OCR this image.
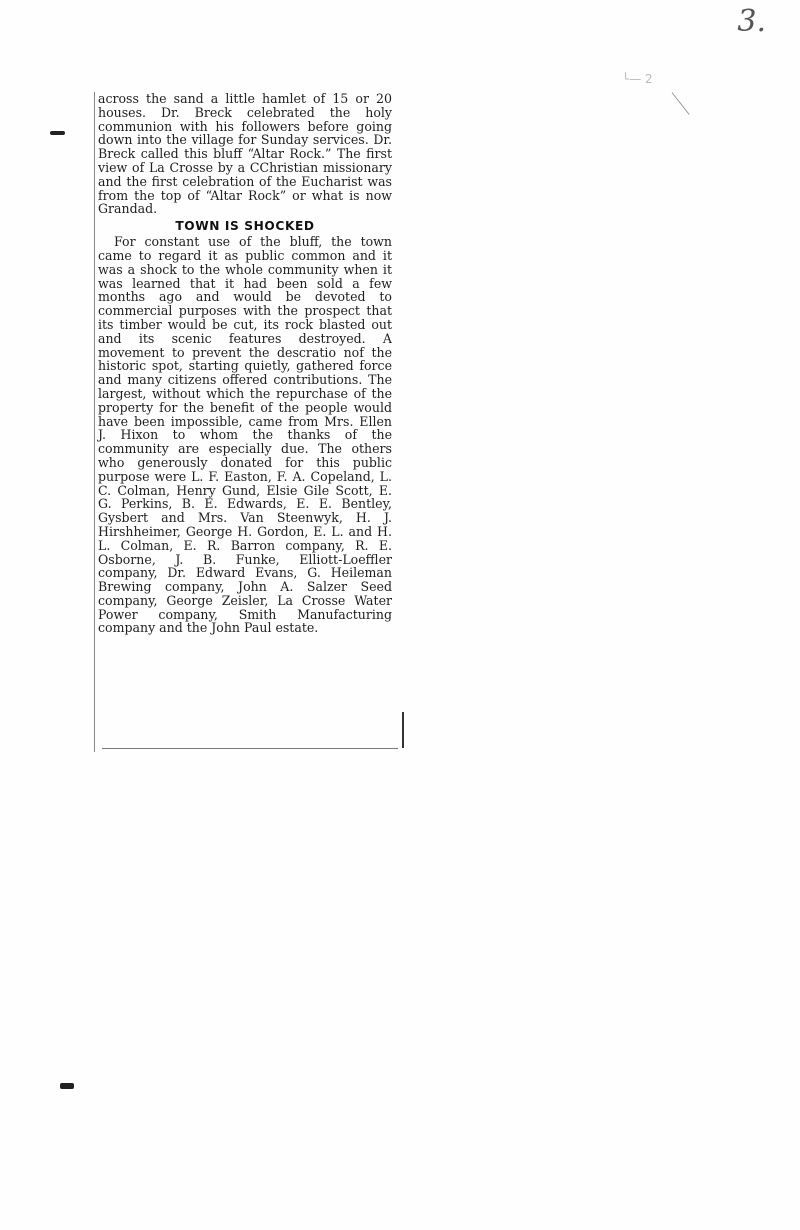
3.
└— 2

across the sand a little hamlet of 15 or 20 houses. Dr. Breck celebrated the holy communion with his followers before going down into the village for Sunday services. Dr. Breck called this bluff “Altar Rock.” The first view of La Crosse by a CChristian missionary and the first celebration of the Eucharist was from the top of “Altar Rock” or what is now Grandad.

TOWN IS SHOCKED

For constant use of the bluff, the town came to regard it as public common and it was a shock to the whole community when it was learned that it had been sold a few months ago and would be devoted to commercial purposes with the prospect that its timber would be cut, its rock blasted out and its scenic features destroyed. A movement to prevent the descratio nof the historic spot, starting quietly, gathered force and many citizens offered contributions. The largest, without which the repurchase of the property for the benefit of the people would have been impossible, came from Mrs. Ellen J. Hixon to whom the thanks of the community are especially due. The others who generously donated for this public purpose were L. F. Easton, F. A. Copeland, L. C. Colman, Henry Gund, Elsie Gile Scott, E. G. Perkins, B. E. Edwards, E. E. Bentley, Gysbert and Mrs. Van Steenwyk, H. J. Hirshheimer, George H. Gordon, E. L. and H. L. Colman, E. R. Barron company, R. E. Osborne, J. B. Funke, Elliott-Loeffler company, Dr. Edward Evans, G. Heileman Brewing company, John A. Salzer Seed company, George Zeisler, La Crosse Water Power company, Smith Manufacturing company and the John Paul estate.
